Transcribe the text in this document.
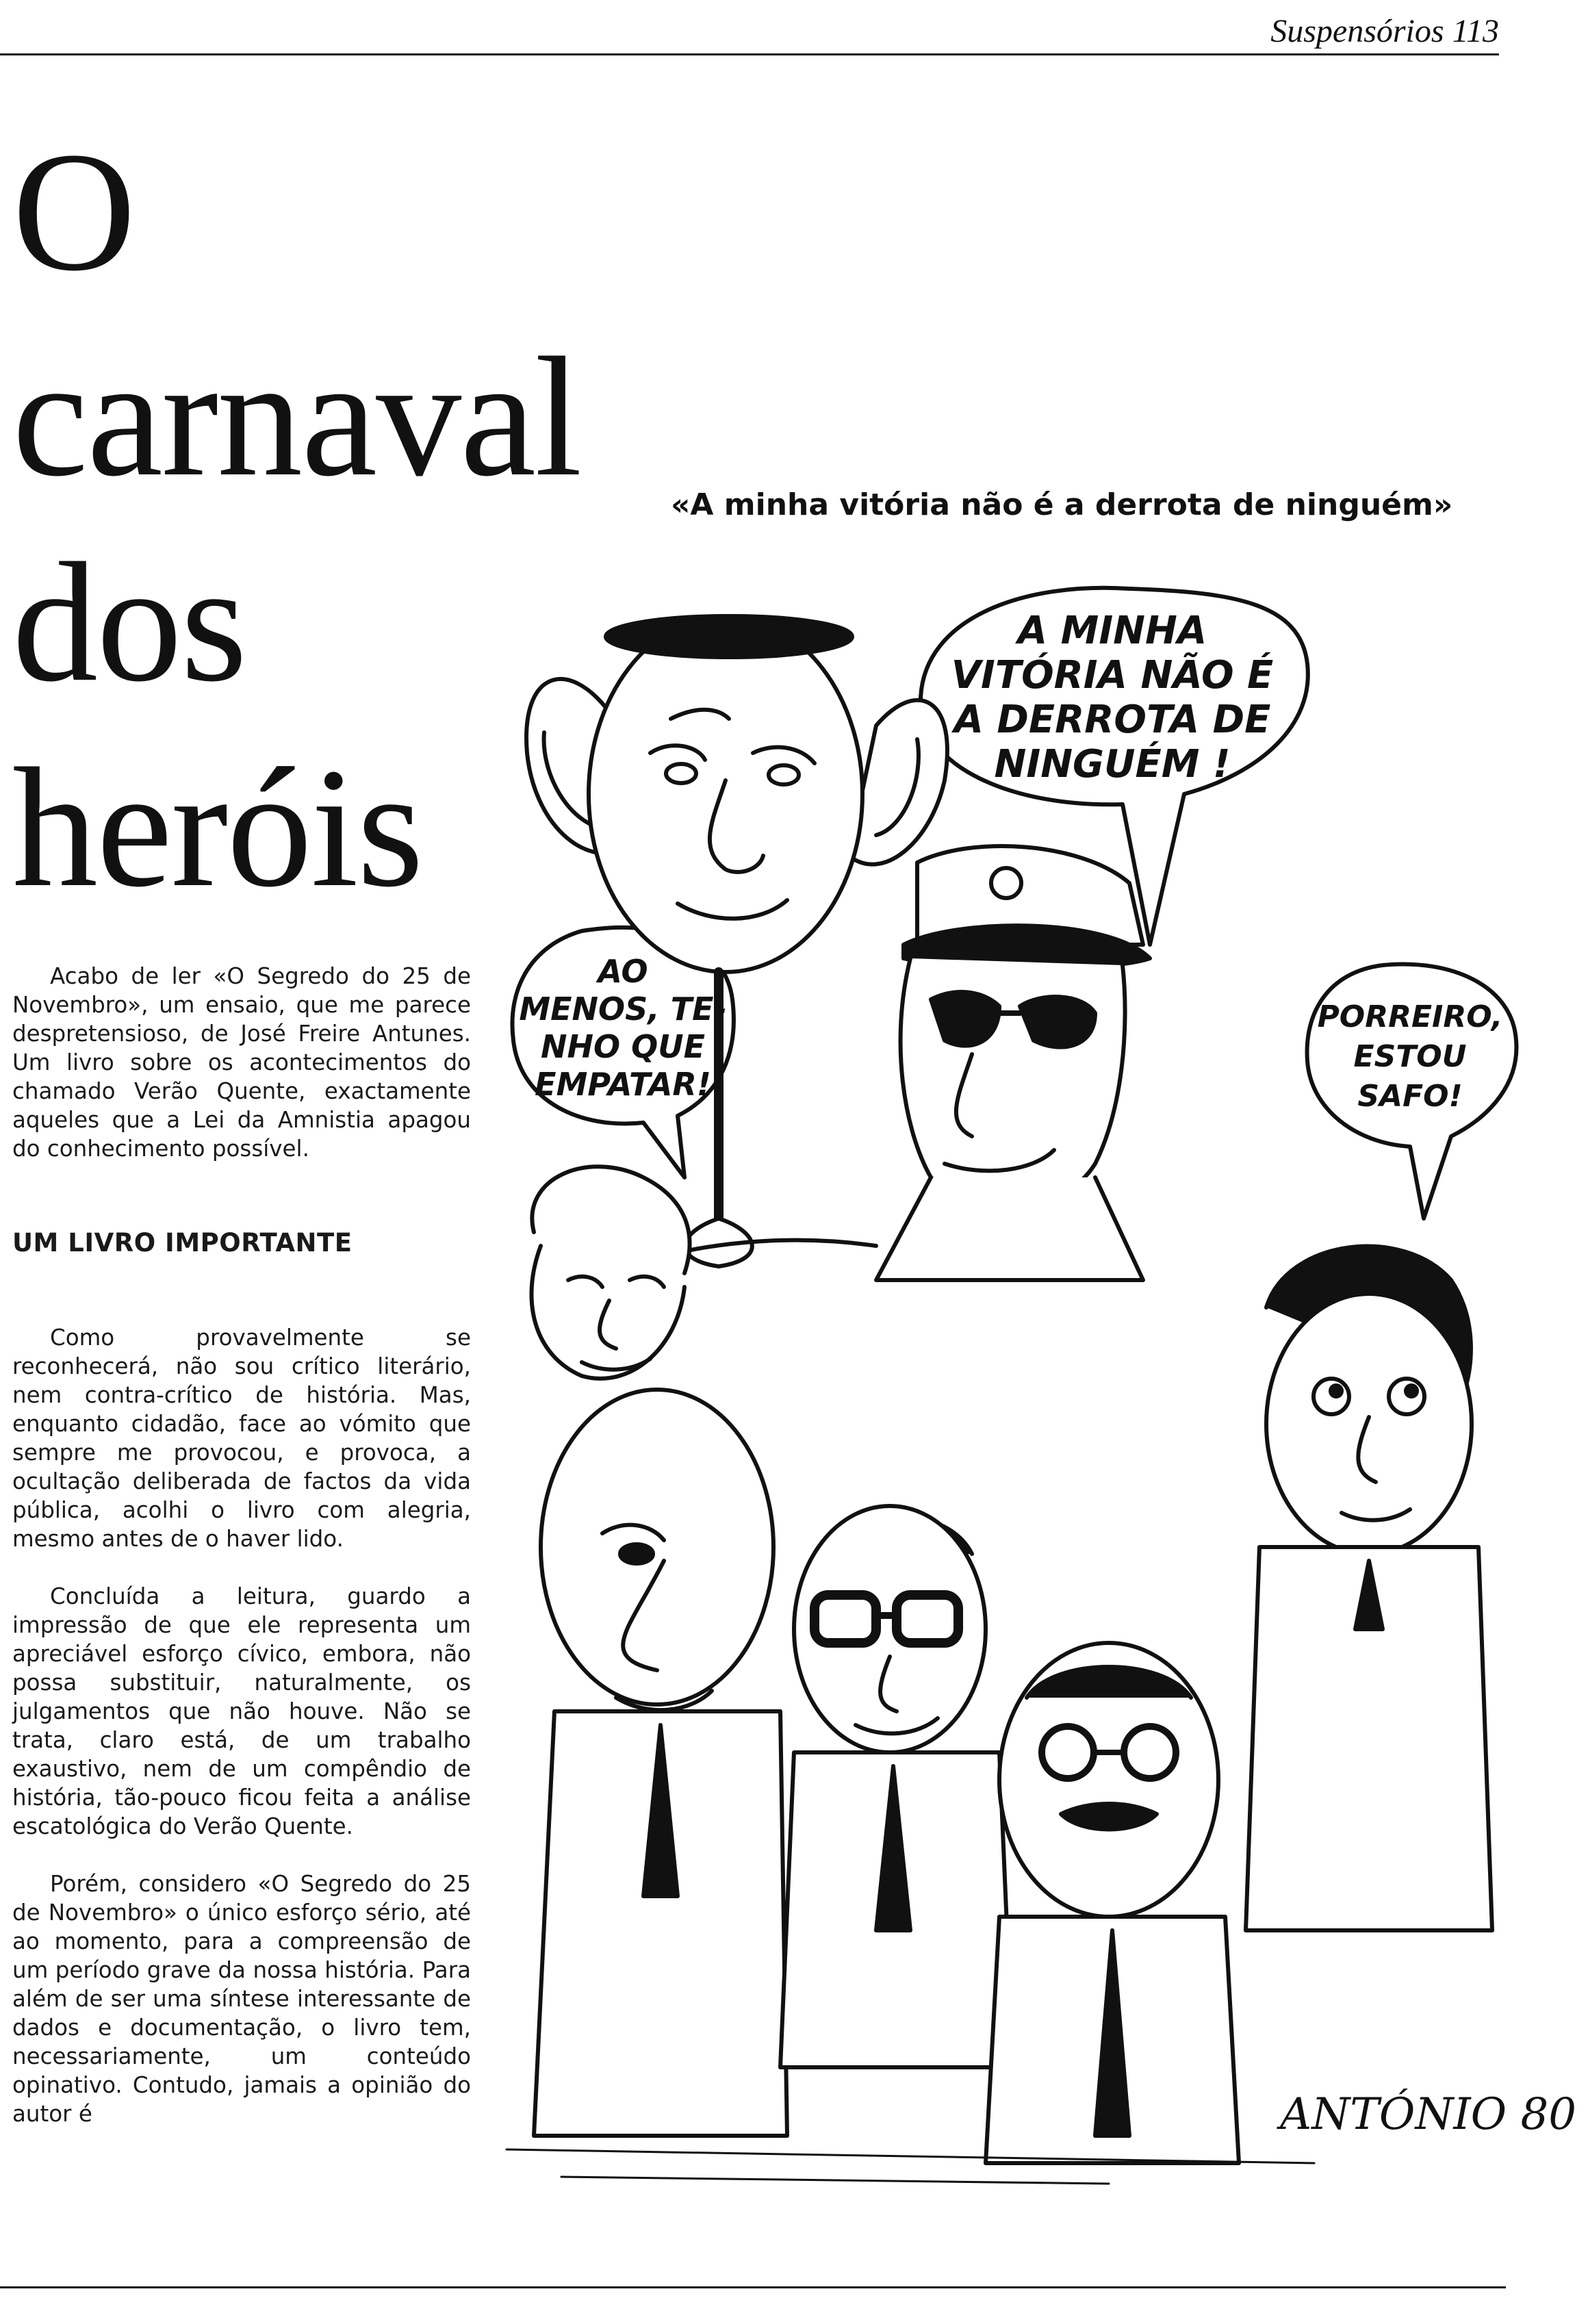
Suspensórios 113
O
carnaval
dos
heróis
«A minha vitória não é a derrota de ninguém»

Acabo de ler «O Segredo do 25 de Novembro», um ensaio, que me parece despretensioso, de José Freire Antunes. Um livro sobre os acontecimentos do chamado Verão Quente, exactamente aqueles que a Lei da Amnistia apagou do conhecimento possível.

UM LIVRO IMPORTANTE

Como provavelmente se reconhecerá, não sou crítico literário, nem contra-crítico de história. Mas, enquanto cidadão, face ao vómito que sempre me provocou, e provoca, a ocultação deliberada de factos da vida pública, acolhi o livro com alegria, mesmo antes de o haver lido.

Concluída a leitura, guardo a impressão de que ele representa um apreciável esforço cívico, embora, não possa substituir, naturalmente, os julgamentos que não houve. Não se trata, claro está, de um trabalho exaustivo, nem de um compêndio de história, tão-pouco ficou feita a análise escatológica do Verão Quente.

Porém, considero «O Segredo do 25 de Novembro» o único esforço sério, até ao momento, para a compreensão de um período grave da nossa história. Para além de ser uma síntese interessante de dados e documentação, o livro tem, necessariamente, um conteúdo opinativo. Contudo, jamais a opinião do autor é

A MINHA
VITÓRIA NÃO É
A DERROTA DE
NINGUÉM !
AO
MENOS, TE-
NHO QUE
EMPATAR!
PORREIRO,
ESTOU
SAFO!
ANTÓNIO 80
